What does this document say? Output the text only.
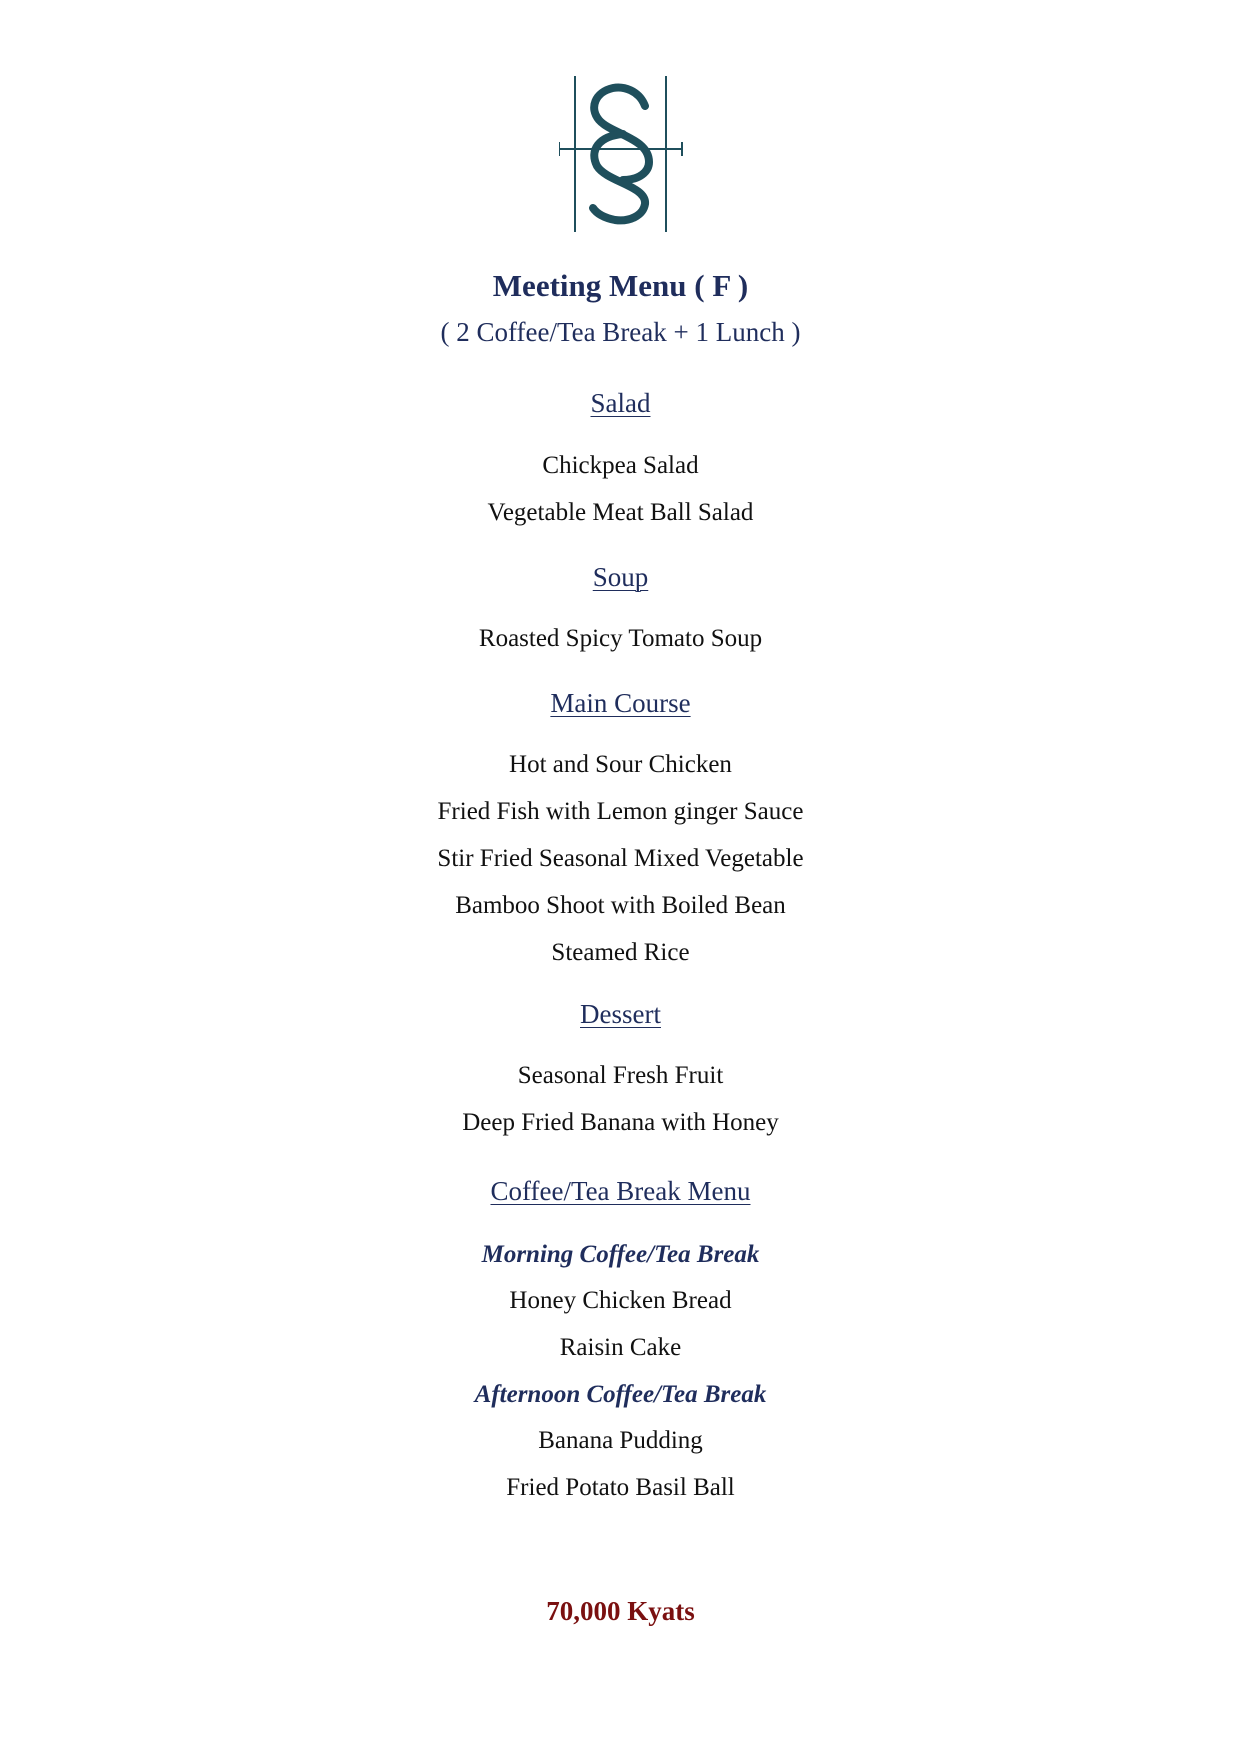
Meeting Menu ( F )
( 2 Coffee/Tea Break + 1 Lunch )
Salad
Chickpea Salad
Vegetable Meat Ball Salad
Soup
Roasted Spicy Tomato Soup
Main Course
Hot and Sour Chicken
Fried Fish with Lemon ginger Sauce
Stir Fried Seasonal Mixed Vegetable
Bamboo Shoot with Boiled Bean
Steamed Rice
Dessert
Seasonal Fresh Fruit
Deep Fried Banana with Honey
Coffee/Tea Break Menu
Morning Coffee/Tea Break
Honey Chicken Bread
Raisin Cake
Afternoon Coffee/Tea Break
Banana Pudding
Fried Potato Basil Ball
70,000 Kyats
